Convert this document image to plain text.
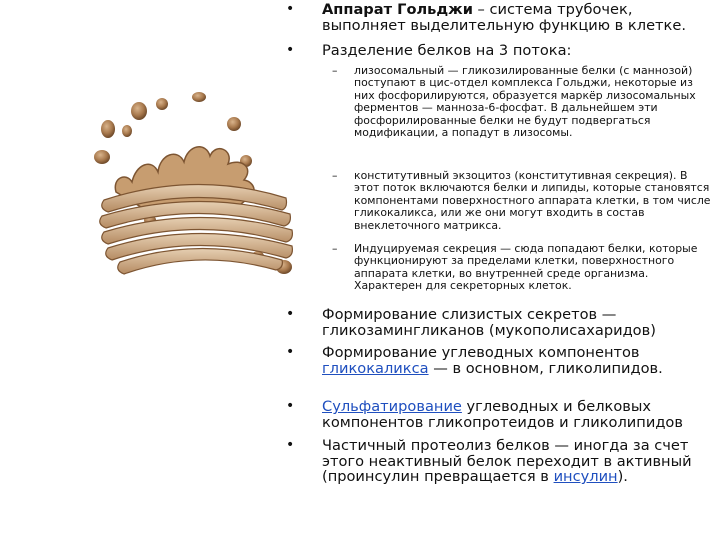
• Аппарат Гольджи – система трубочек, выполняет выделительную функцию в клетке.
• Разделение белков на 3 потока:
– лизосомальный — гликозилированные белки (с маннозой) поступают в цис-отдел комплекса Гольджи, некоторые из них фосфорилируются, образуется маркёр лизосомальных ферментов — манноза-6-фосфат. В дальнейшем эти фосфорилированные белки не будут подвергаться модификации, а попадут в лизосомы.
– конститутивный экзоцитоз (конститутивная секреция). В этот поток включаются белки и липиды, которые становятся компонентами поверхностного аппарата клетки, в том числе гликокаликса, или же они могут входить в состав внеклеточного матрикса.
– Индуцируемая секреция — сюда попадают белки, которые функционируют за пределами клетки, поверхностного аппарата клетки, во внутренней среде организма. Характерен для секреторных клеток.
• Формирование слизистых секретов — гликозамингликанов (мукополисахаридов)
• Формирование углеводных компонентов гликокаликса — в основном, гликолипидов.
• Сульфатирование углеводных и белковых компонентов гликопротеидов и гликолипидов
• Частичный протеолиз белков — иногда за счет этого неактивный белок переходит в активный (проинсулин превращается в инсулин).
